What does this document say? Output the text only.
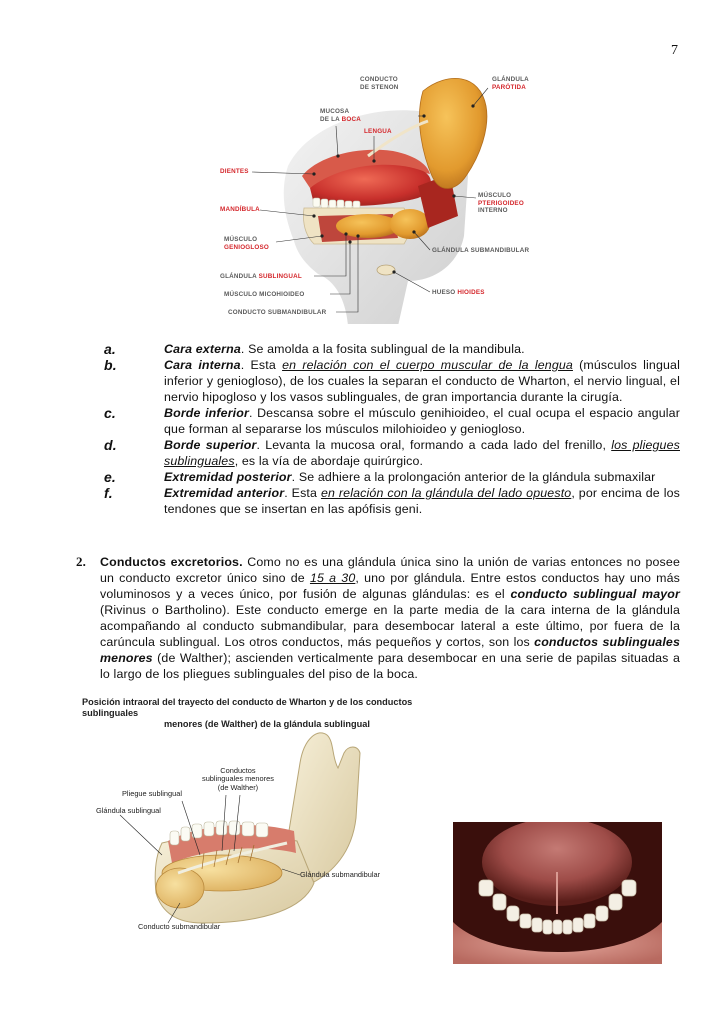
7
CONDUCTO
DE STENON
GLÁNDULA
PARÓTIDA
MUCOSA
DE LA BOCA
LENGUA
DIENTES
MANDÍBULA
MÚSCULO
GENIOGLOSO
MÚSCULO
PTERIGOIDEO
INTERNO
GLÁNDULA SUBMANDIBULAR
GLÁNDULA SUBLINGUAL
HUESO HIOIDES
MÚSCULO MICOHIOIDEO
CONDUCTO SUBMANDIBULAR
a.	Cara externa. Se amolda a la fosita sublingual de la mandibula.
b.	Cara interna. Esta en relación con el cuerpo muscular de la lengua (músculos lingual inferior y geniogloso), de los cuales la separan el conducto de Wharton, el nervio lingual, el nervio hipogloso y los vasos sublinguales, de gran importancia durante la cirugía.
c.	Borde inferior. Descansa sobre el músculo genihioideo, el cual ocupa el espacio angular que forman al separarse los músculos milohioideo y geniogloso.
d.	Borde superior. Levanta la mucosa oral, formando a cada lado del frenillo, los pliegues sublinguales, es la vía de abordaje quirúrgico.
e.	Extremidad posterior. Se adhiere a la prolongación anterior de la glándula submaxilar
f.	Extremidad anterior. Esta en relación con la glándula del lado opuesto, por encima de los tendones que se insertan en las apófisis geni.
2. Conductos excretorios. Como no es una glándula única sino la unión de varias entonces no posee un conducto excretor único sino de 15 a 30, uno por glándula. Entre estos conductos hay uno más voluminosos y a veces único, por fusión de algunas glándulas: es el conducto sublingual mayor (Rivinus o Bartholino). Este conducto emerge en la parte media de la cara interna de la glándula acompañando al conducto submandibular, para desembocar lateral a este último, por fuera de la carúncula sublingual. Los otros conductos, más pequeños y cortos, son los conductos sublinguales menores (de Walther); ascienden verticalmente para desembocar en una serie de papilas situadas a lo largo de los pliegues sublinguales del piso de la boca.

Posición intraoral del trayecto del conducto de Wharton y de los conductos sublinguales
menores (de Walther) de la glándula sublingual
Conductos
sublinguales menores
(de Walther)
Pliegue sublingual
Glándula sublingual
Glándula submandibular
Conducto submandibular
